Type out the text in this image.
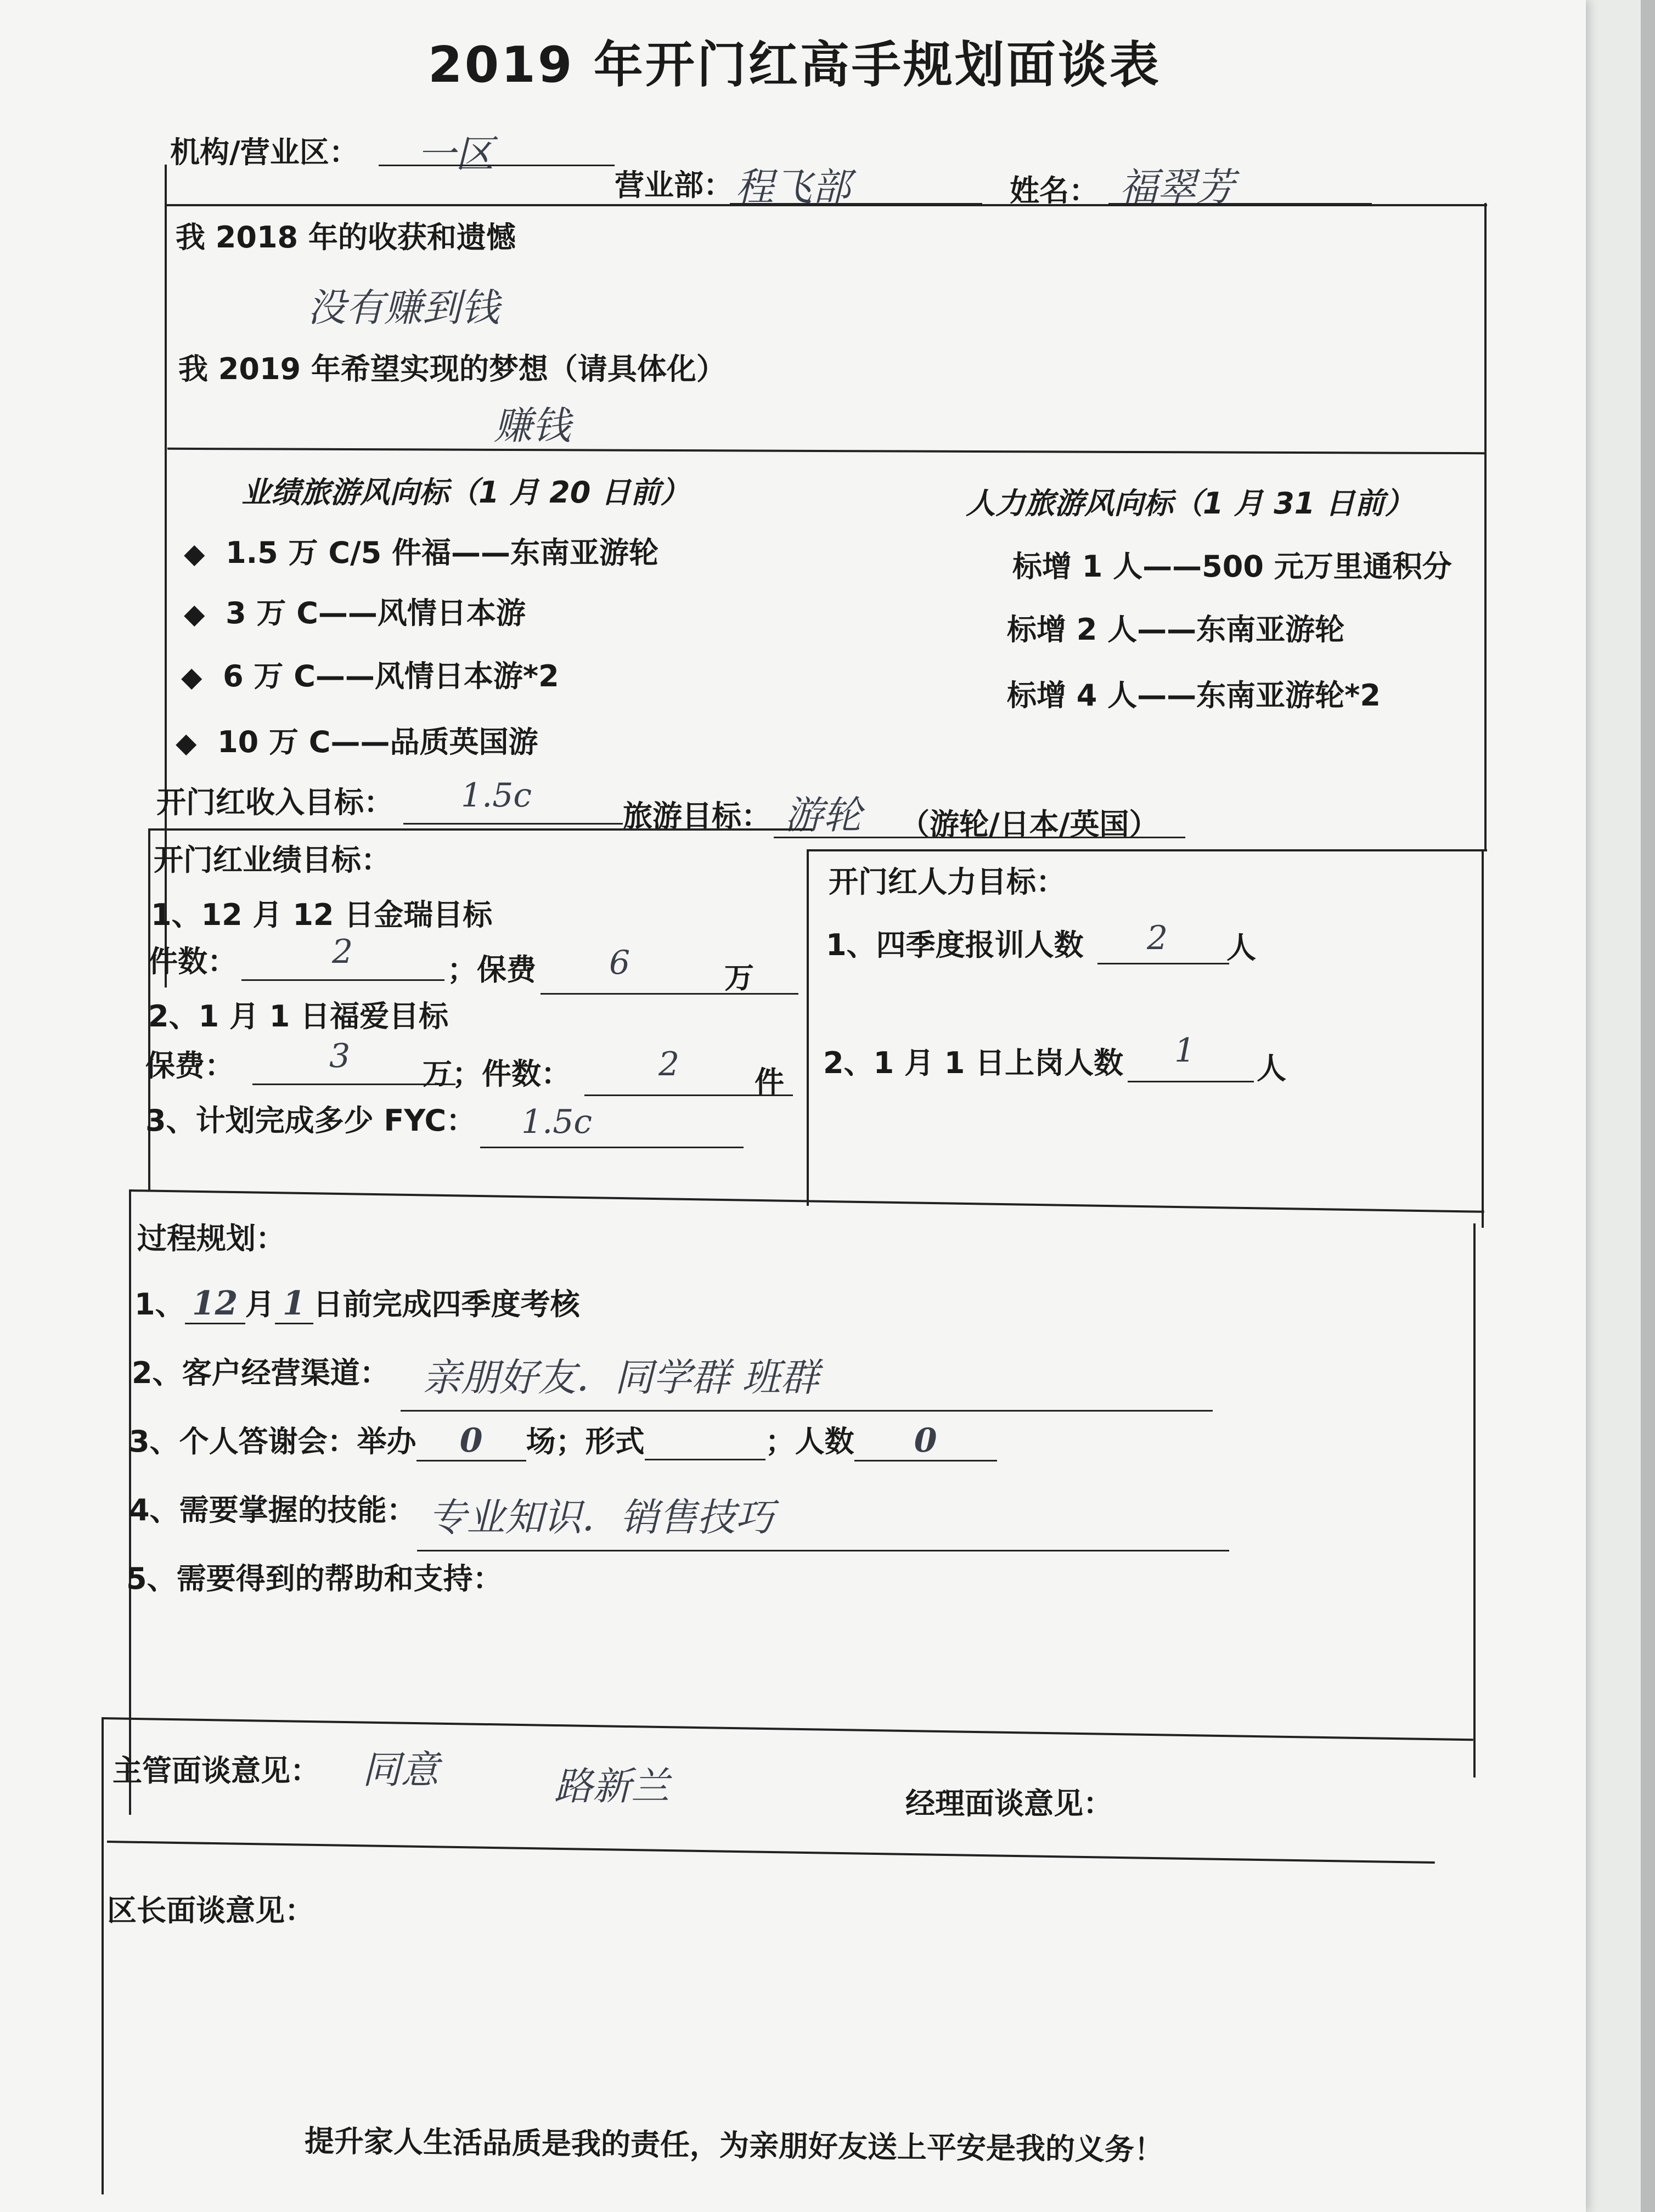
2019 年开门红高手规划面谈表
机构/营业区： 一区
营业部： 程飞部	姓名： 福翠芳
我 2018 年的收获和遗憾
没有赚到钱
我 2019 年希望实现的梦想（请具体化）
赚钱
业绩旅游风向标（1 月 20 日前）
◆ 1.5 万 C/5 件福——东南亚游轮
◆ 3 万 C——风情日本游
◆ 6 万 C——风情日本游*2
◆ 10 万 C——品质英国游
人力旅游风向标（1 月 31 日前）
标增 1 人——500 元万里通积分
标增 2 人——东南亚游轮
标增 4 人——东南亚游轮*2
开门红收入目标： 1.5c
旅游目标： 游轮 （游轮/日本/英国）
开门红业绩目标：
1、12 月 12 日金瑞目标
件数：	2	；保费 6	万
2、1 月 1 日福爱目标
保费：	3 万；件数：	2	件
3、计划完成多少 FYC： 1.5c
开门红人力目标：
1、四季度报训人数 2 人
2、1 月 1 日上岗人数 1 人
过程规划：
1、 12 月 1 日前完成四季度考核
2、客户经营渠道： 亲朋好友．同学群 班群
3、个人答谢会：举办 0 场；形式	；人数 0
4、需要掌握的技能： 专业知识．销售技巧
5、需要得到的帮助和支持：
主管面谈意见： 同意	路新兰	经理面谈意见：
区长面谈意见：
提升家人生活品质是我的责任，为亲朋好友送上平安是我的义务！
